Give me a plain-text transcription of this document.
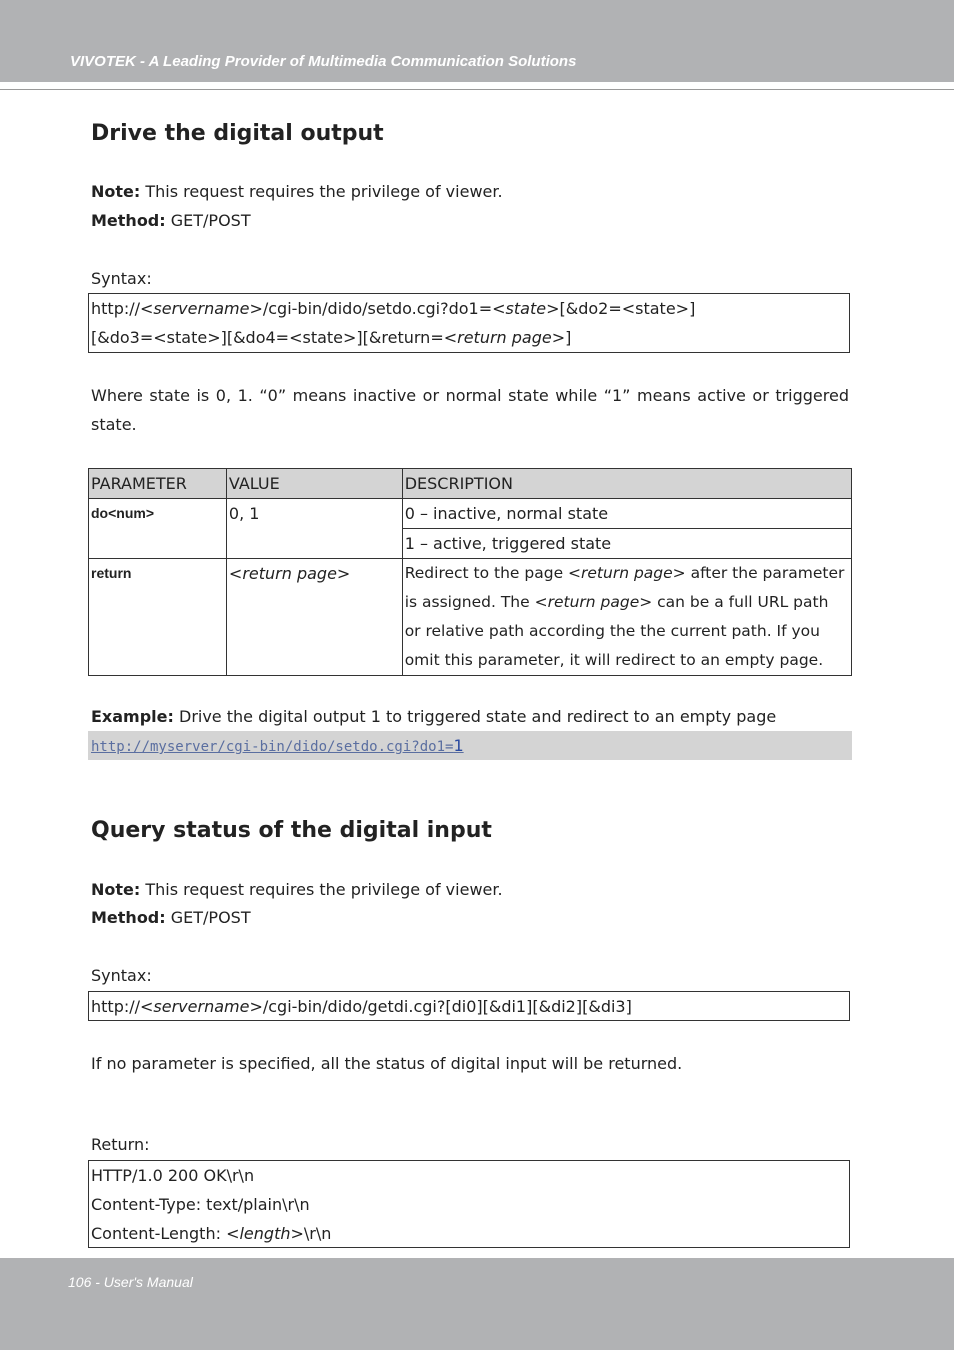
VIVOTEK - A Leading Provider of Multimedia Communication Solutions
Drive the digital output
Note: This request requires the privilege of viewer.
Method: GET/POST
Syntax:
http://<servername>/cgi-bin/dido/setdo.cgi?do1=<state>[&do2=<state>]
[&do3=<state>][&do4=<state>][&return=<return page>]
Where state is 0, 1. “0” means inactive or normal state while “1” means active or triggered state.
PARAMETER	VALUE	DESCRIPTION
do<num>	0, 1	0 – inactive, normal state
		1 – active, triggered state
return	<return page>	Redirect to the page <return page> after the parameter is assigned. The <return page> can be a full URL path or relative path according the the current path. If you omit this parameter, it will redirect to an empty page.
Example: Drive the digital output 1 to triggered state and redirect to an empty page
http://myserver/cgi-bin/dido/setdo.cgi?do1=1
Query status of the digital input
Note: This request requires the privilege of viewer.
Method: GET/POST
Syntax:
http://<servername>/cgi-bin/dido/getdi.cgi?[di0][&di1][&di2][&di3]
If no parameter is specified, all the status of digital input will be returned.
Return:
HTTP/1.0 200 OK\r\n
Content-Type: text/plain\r\n
Content-Length: <length>\r\n
106 - User's Manual
